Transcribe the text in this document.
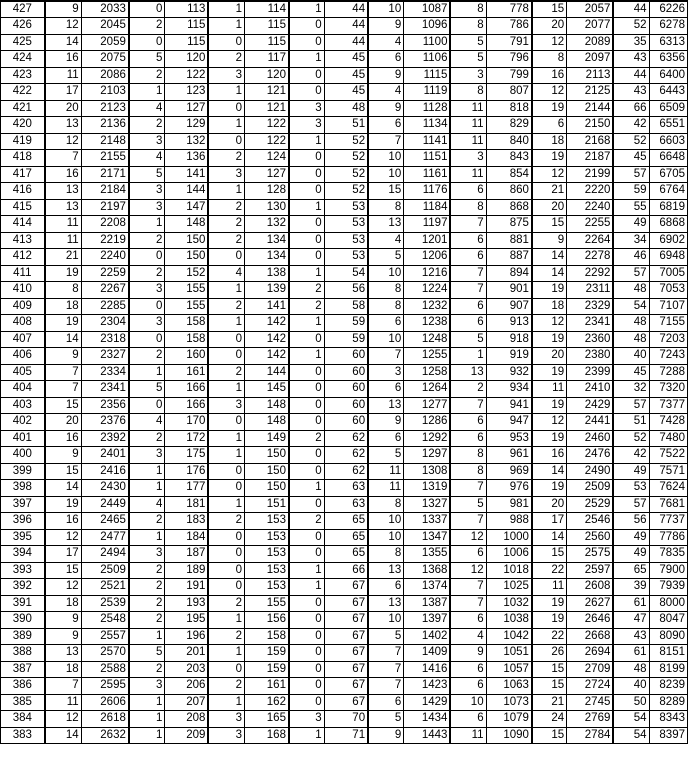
427	9	2033	0	113	1	114	1	44	10	1087	8	778	15	2057	44	6226
426	12	2045	2	115	1	115	0	44	9	1096	8	786	20	2077	52	6278
425	14	2059	0	115	0	115	0	44	4	1100	5	791	12	2089	35	6313
424	16	2075	5	120	2	117	1	45	6	1106	5	796	8	2097	43	6356
423	11	2086	2	122	3	120	0	45	9	1115	3	799	16	2113	44	6400
422	17	2103	1	123	1	121	0	45	4	1119	8	807	12	2125	43	6443
421	20	2123	4	127	0	121	3	48	9	1128	11	818	19	2144	66	6509
420	13	2136	2	129	1	122	3	51	6	1134	11	829	6	2150	42	6551
419	12	2148	3	132	0	122	1	52	7	1141	11	840	18	2168	52	6603
418	7	2155	4	136	2	124	0	52	10	1151	3	843	19	2187	45	6648
417	16	2171	5	141	3	127	0	52	10	1161	11	854	12	2199	57	6705
416	13	2184	3	144	1	128	0	52	15	1176	6	860	21	2220	59	6764
415	13	2197	3	147	2	130	1	53	8	1184	8	868	20	2240	55	6819
414	11	2208	1	148	2	132	0	53	13	1197	7	875	15	2255	49	6868
413	11	2219	2	150	2	134	0	53	4	1201	6	881	9	2264	34	6902
412	21	2240	0	150	0	134	0	53	5	1206	6	887	14	2278	46	6948
411	19	2259	2	152	4	138	1	54	10	1216	7	894	14	2292	57	7005
410	8	2267	3	155	1	139	2	56	8	1224	7	901	19	2311	48	7053
409	18	2285	0	155	2	141	2	58	8	1232	6	907	18	2329	54	7107
408	19	2304	3	158	1	142	1	59	6	1238	6	913	12	2341	48	7155
407	14	2318	0	158	0	142	0	59	10	1248	5	918	19	2360	48	7203
406	9	2327	2	160	0	142	1	60	7	1255	1	919	20	2380	40	7243
405	7	2334	1	161	2	144	0	60	3	1258	13	932	19	2399	45	7288
404	7	2341	5	166	1	145	0	60	6	1264	2	934	11	2410	32	7320
403	15	2356	0	166	3	148	0	60	13	1277	7	941	19	2429	57	7377
402	20	2376	4	170	0	148	0	60	9	1286	6	947	12	2441	51	7428
401	16	2392	2	172	1	149	2	62	6	1292	6	953	19	2460	52	7480
400	9	2401	3	175	1	150	0	62	5	1297	8	961	16	2476	42	7522
399	15	2416	1	176	0	150	0	62	11	1308	8	969	14	2490	49	7571
398	14	2430	1	177	0	150	1	63	11	1319	7	976	19	2509	53	7624
397	19	2449	4	181	1	151	0	63	8	1327	5	981	20	2529	57	7681
396	16	2465	2	183	2	153	2	65	10	1337	7	988	17	2546	56	7737
395	12	2477	1	184	0	153	0	65	10	1347	12	1000	14	2560	49	7786
394	17	2494	3	187	0	153	0	65	8	1355	6	1006	15	2575	49	7835
393	15	2509	2	189	0	153	1	66	13	1368	12	1018	22	2597	65	7900
392	12	2521	2	191	0	153	1	67	6	1374	7	1025	11	2608	39	7939
391	18	2539	2	193	2	155	0	67	13	1387	7	1032	19	2627	61	8000
390	9	2548	2	195	1	156	0	67	10	1397	6	1038	19	2646	47	8047
389	9	2557	1	196	2	158	0	67	5	1402	4	1042	22	2668	43	8090
388	13	2570	5	201	1	159	0	67	7	1409	9	1051	26	2694	61	8151
387	18	2588	2	203	0	159	0	67	7	1416	6	1057	15	2709	48	8199
386	7	2595	3	206	2	161	0	67	7	1423	6	1063	15	2724	40	8239
385	11	2606	1	207	1	162	0	67	6	1429	10	1073	21	2745	50	8289
384	12	2618	1	208	3	165	3	70	5	1434	6	1079	24	2769	54	8343
383	14	2632	1	209	3	168	1	71	9	1443	11	1090	15	2784	54	8397
